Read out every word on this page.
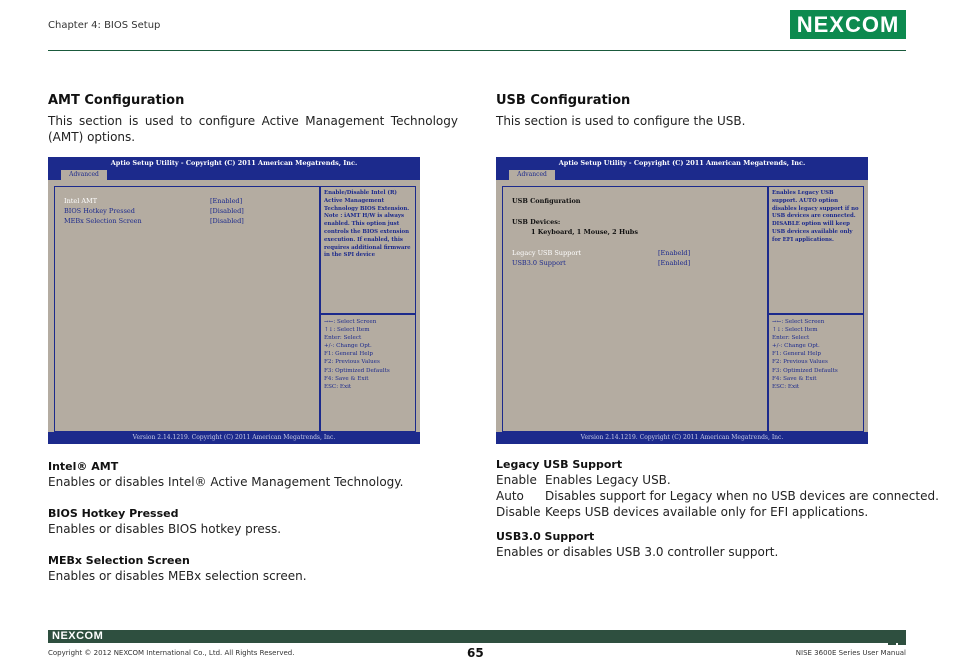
Chapter 4: BIOS Setup	NEXCOM
AMT Configuration

This section is used to configure Active Management Technology (AMT) options.

Aptio Setup Utility - Copyright (C) 2011 American Megatrends, Inc.
Advanced
Intel AMT	[Enabled]
BIOS Hotkey Pressed	[Disabled]
MEBx Selection Screen	[Disabled]
Enable/Disable Intel (R) Active Management Technology BIOS Extension. Note : iAMT H/W is always enabled. This option just controls the BIOS extension execution. If enabled, this requires additional firmware in the SPI device
→←: Select Screen
↑↓: Select Item
Enter: Select
+/-: Change Opt.
F1: General Help
F2: Previous Values
F3: Optimized Defaults
F4: Save & Exit
ESC: Exit
Version 2.14.1219. Copyright (C) 2011 American Megatrends, Inc.
Intel® AMT
Enables or disables Intel® Active Management Technology.
BIOS Hotkey Pressed
Enables or disables BIOS hotkey press.
MEBx Selection Screen
Enables or disables MEBx selection screen.
USB Configuration

This section is used to configure the USB.

Aptio Setup Utility - Copyright (C) 2011 American Megatrends, Inc.
Advanced
USB Configuration
USB Devices:
1 Keyboard, 1 Mouse, 2 Hubs
Legacy USB Support	[Enabeld]
USB3.0 Support	[Enabled]
Enables Legacy USB support. AUTO option disables legacy support if no USB devices are connected. DISABLE option will keep USB devices available only for EFI applications.
→←: Select Screen
↑↓: Select Item
Enter: Select
+/-: Change Opt.
F1: General Help
F2: Previous Values
F3: Optimized Defaults
F4: Save & Exit
ESC: Exit
Version 2.14.1219. Copyright (C) 2011 American Megatrends, Inc.
Legacy USB Support
Enable Enables Legacy USB.
Auto Disables support for Legacy when no USB devices are connected.
Disable Keeps USB devices available only for EFI applications.
USB3.0 Support
Enables or disables USB 3.0 controller support.
NEXCOM
Copyright © 2012 NEXCOM International Co., Ltd. All Rights Reserved.	65	NISE 3600E Series User Manual
